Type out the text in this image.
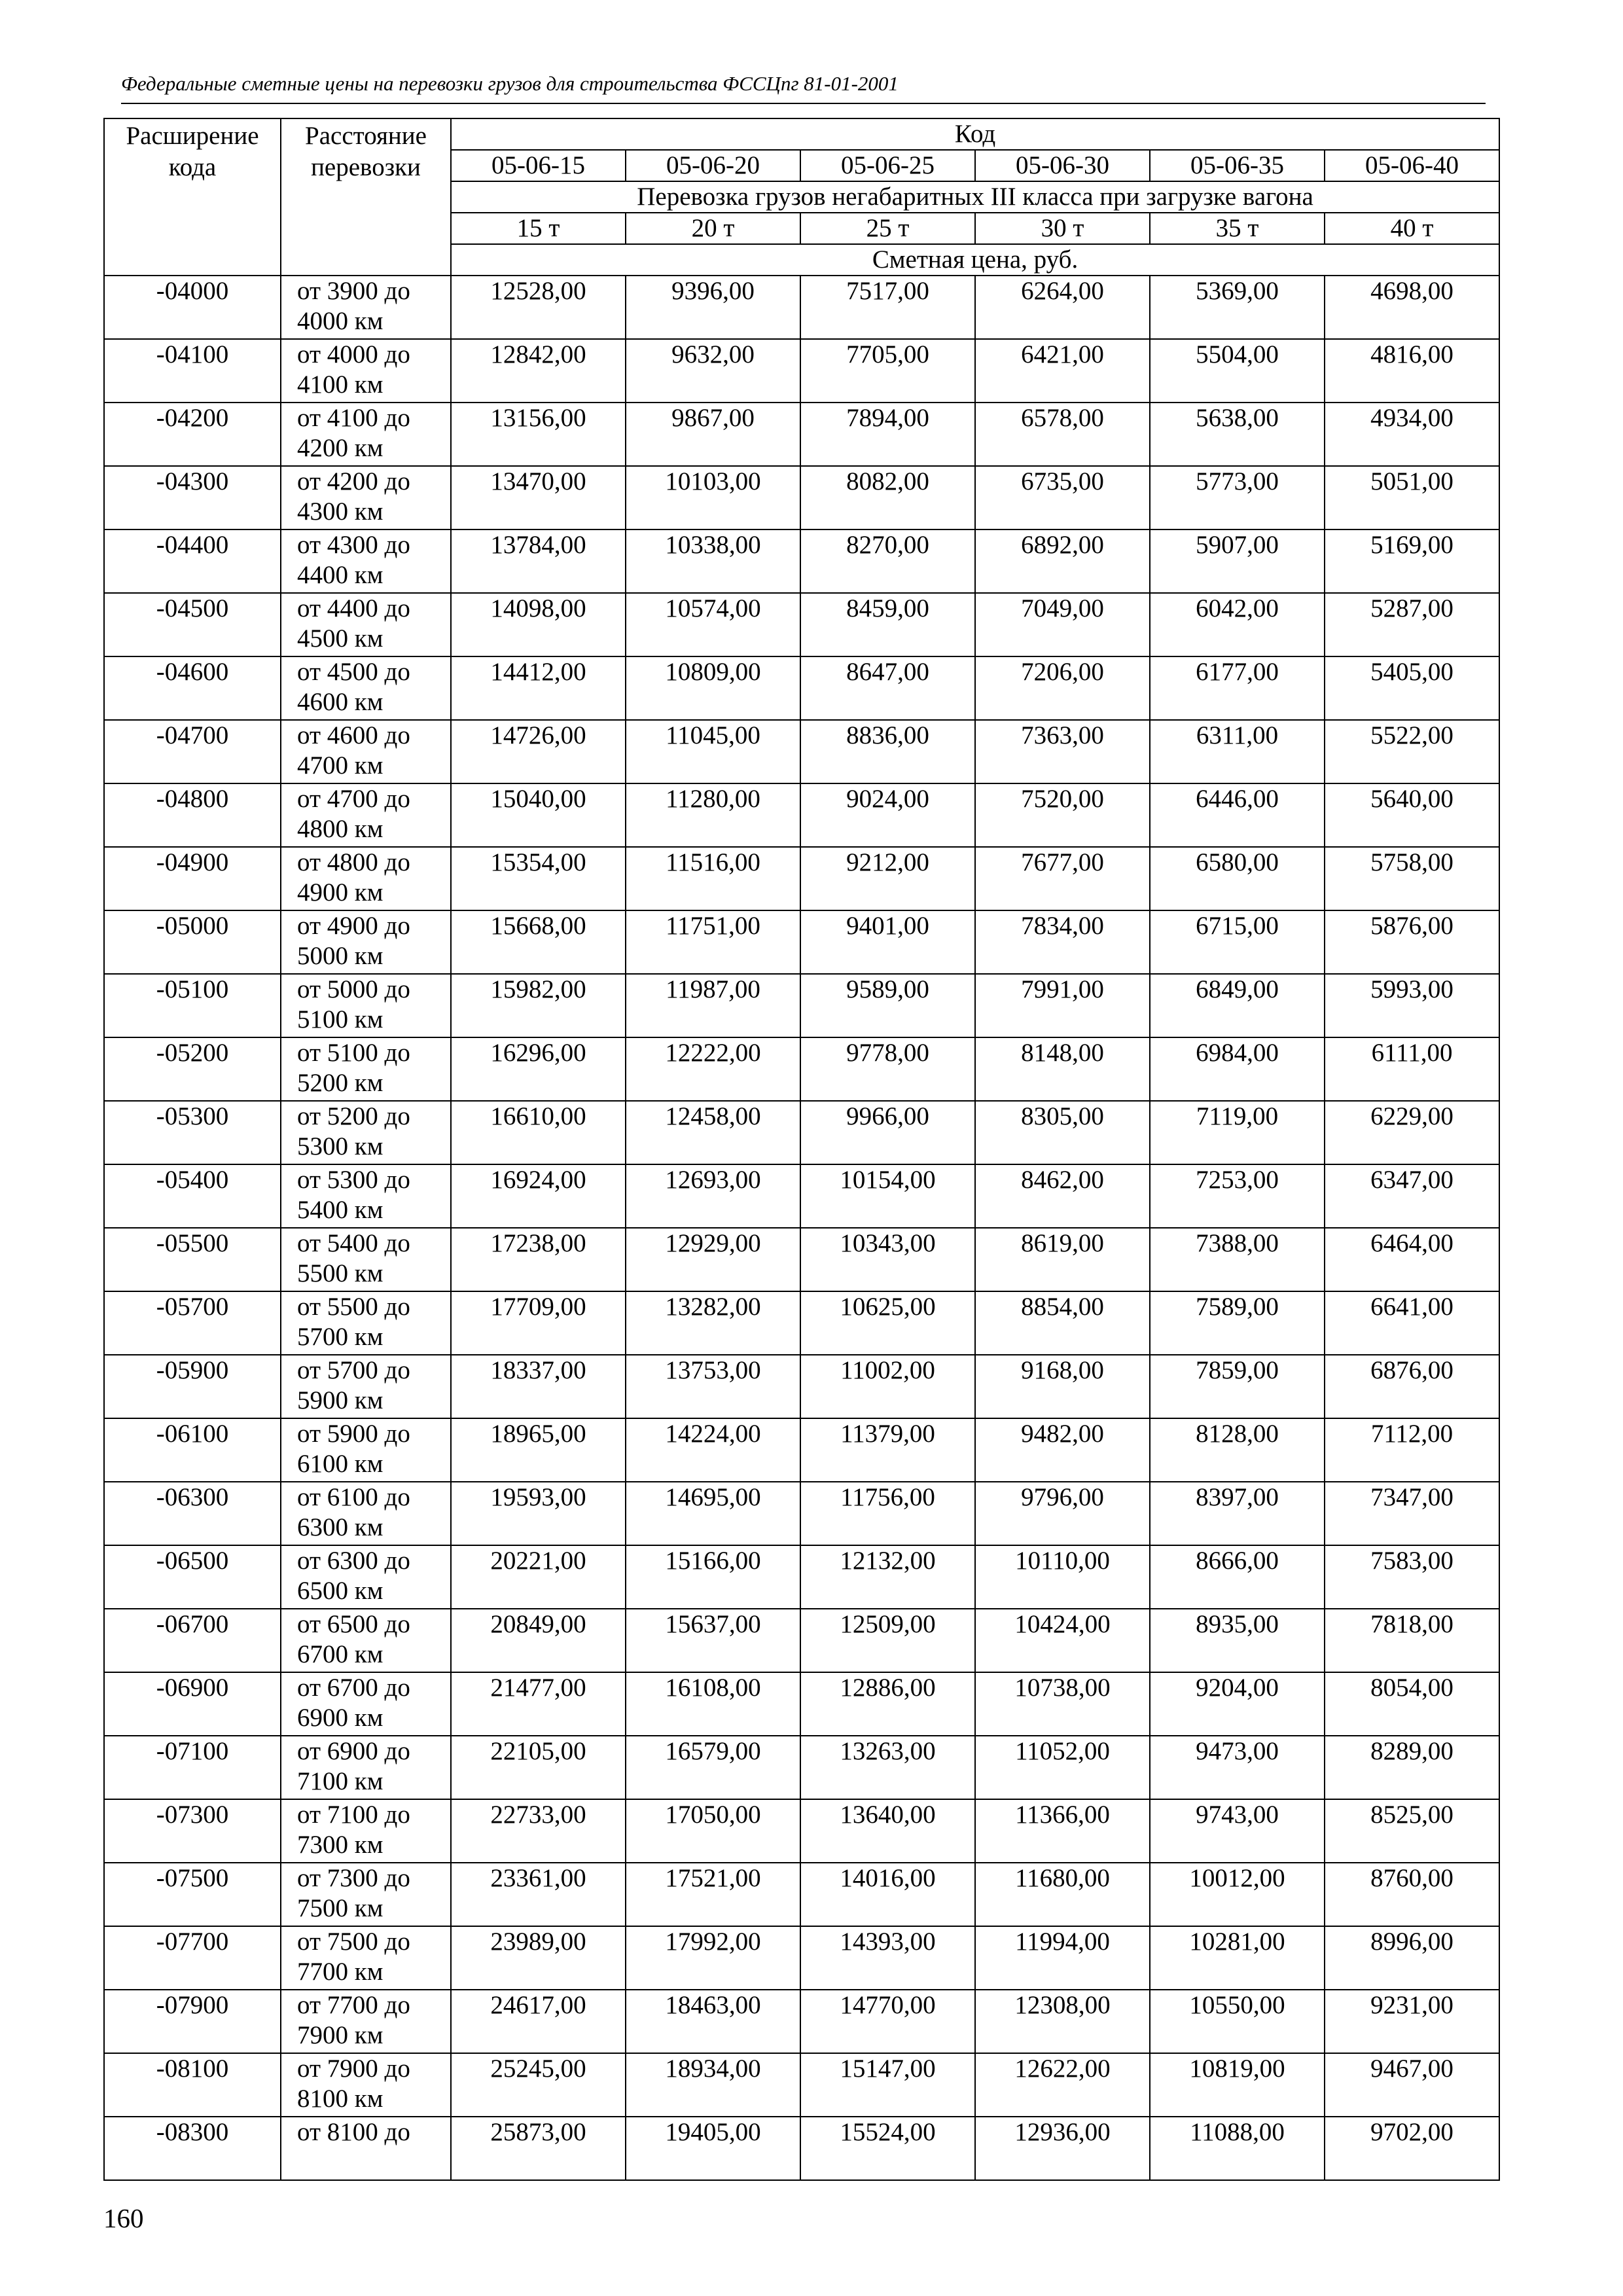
Федеральные сметные цены на перевозки грузов для строительства ФССЦпг 81-01-2001
Расширение кода	Расстояние перевозки	Код					
		05-06-15	05-06-20	05-06-25	05-06-30	05-06-35	05-06-40
		Перевозка грузов негабаритных III класса при загрузке вагона					
		15 т	20 т	25 т	30 т	35 т	40 т
		Сметная цена, руб.					
-04000	от 3900 до 4000 км	12528,00	9396,00	7517,00	6264,00	5369,00	4698,00
-04100	от 4000 до 4100 км	12842,00	9632,00	7705,00	6421,00	5504,00	4816,00
-04200	от 4100 до 4200 км	13156,00	9867,00	7894,00	6578,00	5638,00	4934,00
-04300	от 4200 до 4300 км	13470,00	10103,00	8082,00	6735,00	5773,00	5051,00
-04400	от 4300 до 4400 км	13784,00	10338,00	8270,00	6892,00	5907,00	5169,00
-04500	от 4400 до 4500 км	14098,00	10574,00	8459,00	7049,00	6042,00	5287,00
-04600	от 4500 до 4600 км	14412,00	10809,00	8647,00	7206,00	6177,00	5405,00
-04700	от 4600 до 4700 км	14726,00	11045,00	8836,00	7363,00	6311,00	5522,00
-04800	от 4700 до 4800 км	15040,00	11280,00	9024,00	7520,00	6446,00	5640,00
-04900	от 4800 до 4900 км	15354,00	11516,00	9212,00	7677,00	6580,00	5758,00
-05000	от 4900 до 5000 км	15668,00	11751,00	9401,00	7834,00	6715,00	5876,00
-05100	от 5000 до 5100 км	15982,00	11987,00	9589,00	7991,00	6849,00	5993,00
-05200	от 5100 до 5200 км	16296,00	12222,00	9778,00	8148,00	6984,00	6111,00
-05300	от 5200 до 5300 км	16610,00	12458,00	9966,00	8305,00	7119,00	6229,00
-05400	от 5300 до 5400 км	16924,00	12693,00	10154,00	8462,00	7253,00	6347,00
-05500	от 5400 до 5500 км	17238,00	12929,00	10343,00	8619,00	7388,00	6464,00
-05700	от 5500 до 5700 км	17709,00	13282,00	10625,00	8854,00	7589,00	6641,00
-05900	от 5700 до 5900 км	18337,00	13753,00	11002,00	9168,00	7859,00	6876,00
-06100	от 5900 до 6100 км	18965,00	14224,00	11379,00	9482,00	8128,00	7112,00
-06300	от 6100 до 6300 км	19593,00	14695,00	11756,00	9796,00	8397,00	7347,00
-06500	от 6300 до 6500 км	20221,00	15166,00	12132,00	10110,00	8666,00	7583,00
-06700	от 6500 до 6700 км	20849,00	15637,00	12509,00	10424,00	8935,00	7818,00
-06900	от 6700 до 6900 км	21477,00	16108,00	12886,00	10738,00	9204,00	8054,00
-07100	от 6900 до 7100 км	22105,00	16579,00	13263,00	11052,00	9473,00	8289,00
-07300	от 7100 до 7300 км	22733,00	17050,00	13640,00	11366,00	9743,00	8525,00
-07500	от 7300 до 7500 км	23361,00	17521,00	14016,00	11680,00	10012,00	8760,00
-07700	от 7500 до 7700 км	23989,00	17992,00	14393,00	11994,00	10281,00	8996,00
-07900	от 7700 до 7900 км	24617,00	18463,00	14770,00	12308,00	10550,00	9231,00
-08100	от 7900 до 8100 км	25245,00	18934,00	15147,00	12622,00	10819,00	9467,00
-08300	от 8100 до	25873,00	19405,00	15524,00	12936,00	11088,00	9702,00
160
